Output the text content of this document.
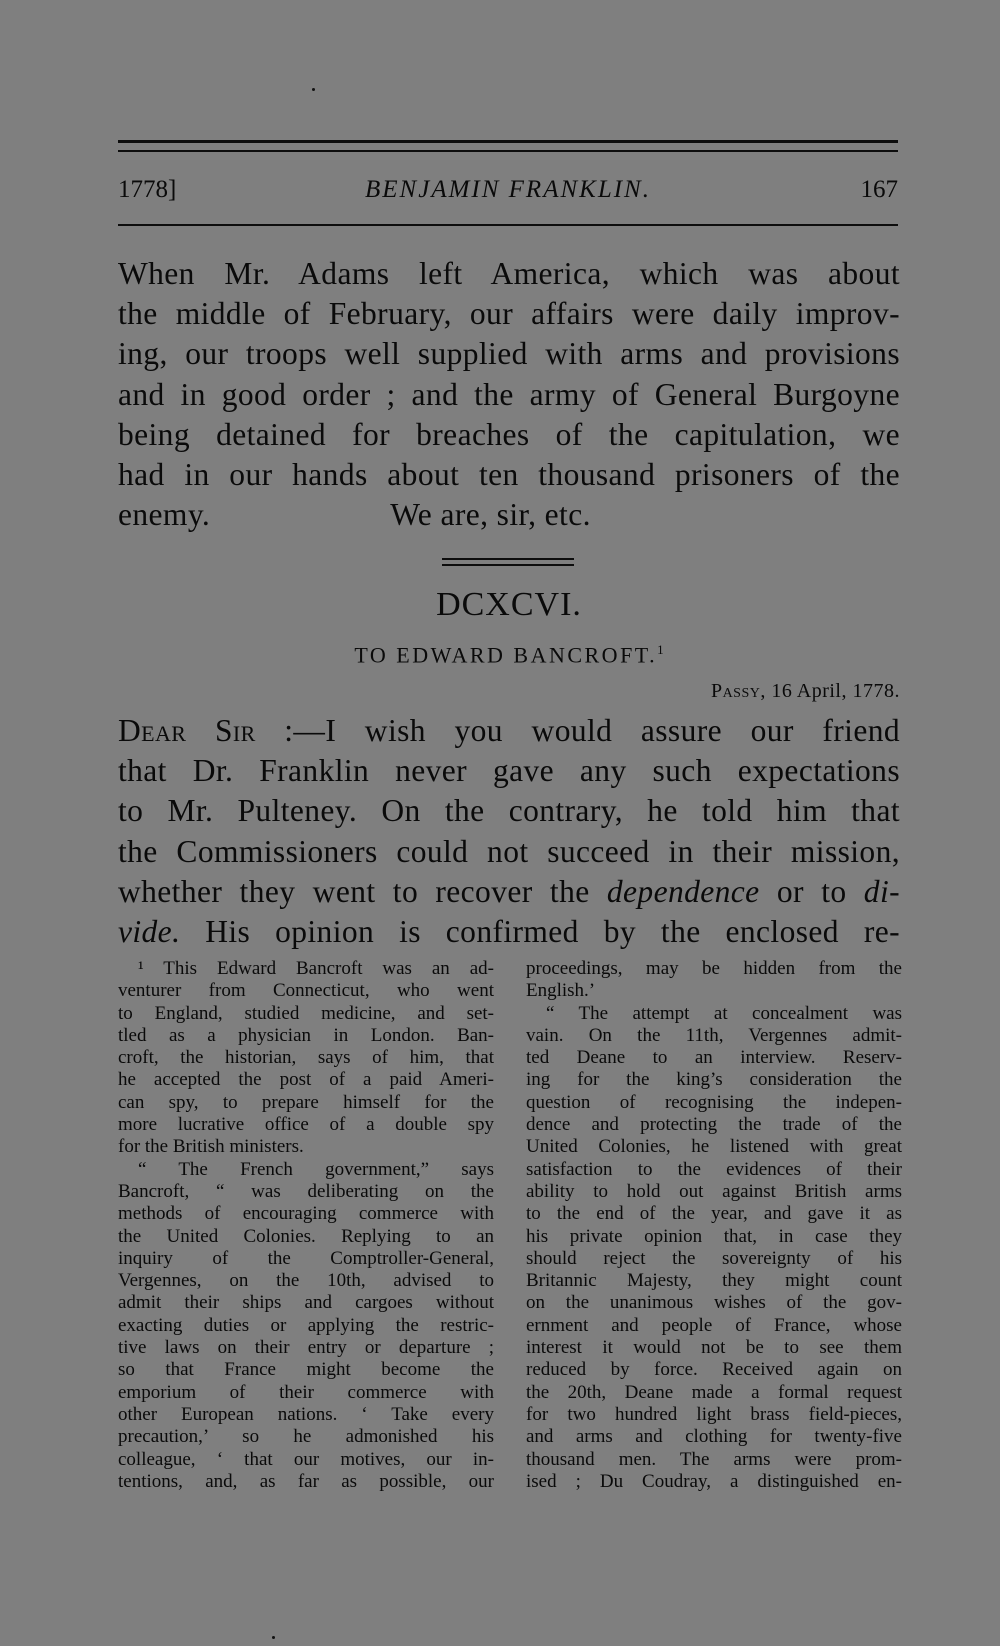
1778]	BENJAMIN FRANKLIN.	167
When Mr. Adams left America, which was about
the middle of February, our affairs were daily improv-
ing, our troops well supplied with arms and provisions
and in good order ; and the army of General Burgoyne
being detained for breaches of the capitulation, we
had in our hands about ten thousand prisoners of the
enemy.	We are, sir, etc.
DCXCVI.
TO EDWARD BANCROFT.$^1$
Passy, 16 April, 1778.
Dear Sir :—I wish you would assure our friend
that Dr. Franklin never gave any such expectations
to Mr. Pulteney. On the contrary, he told him that
the Commissioners could not succeed in their mission,
whether they went to recover the dependence or to di-
vide. His opinion is confirmed by the enclosed re-
¹ This Edward Bancroft was an ad-
venturer from Connecticut, who went
to England, studied medicine, and set-
tled as a physician in London. Ban-
croft, the historian, says of him, that
he accepted the post of a paid Ameri-
can spy, to prepare himself for the
more lucrative office of a double spy
for the British ministers.
“ The French government,” says
Bancroft, “ was deliberating on the
methods of encouraging commerce with
the United Colonies. Replying to an
inquiry of the Comptroller-General,
Vergennes, on the 10th, advised to
admit their ships and cargoes without
exacting duties or applying the restric-
tive laws on their entry or departure ;
so that France might become the
emporium of their commerce with
other European nations. ‘ Take every
precaution,’ so he admonished his
colleague, ‘ that our motives, our in-
tentions, and, as far as possible, our
proceedings, may be hidden from the
English.’
“ The attempt at concealment was
vain. On the 11th, Vergennes admit-
ted Deane to an interview. Reserv-
ing for the king’s consideration the
question of recognising the indepen-
dence and protecting the trade of the
United Colonies, he listened with great
satisfaction to the evidences of their
ability to hold out against British arms
to the end of the year, and gave it as
his private opinion that, in case they
should reject the sovereignty of his
Britannic Majesty, they might count
on the unanimous wishes of the gov-
ernment and people of France, whose
interest it would not be to see them
reduced by force. Received again on
the 20th, Deane made a formal request
for two hundred light brass field-pieces,
and arms and clothing for twenty-five
thousand men. The arms were prom-
ised ; Du Coudray, a distinguished en-
